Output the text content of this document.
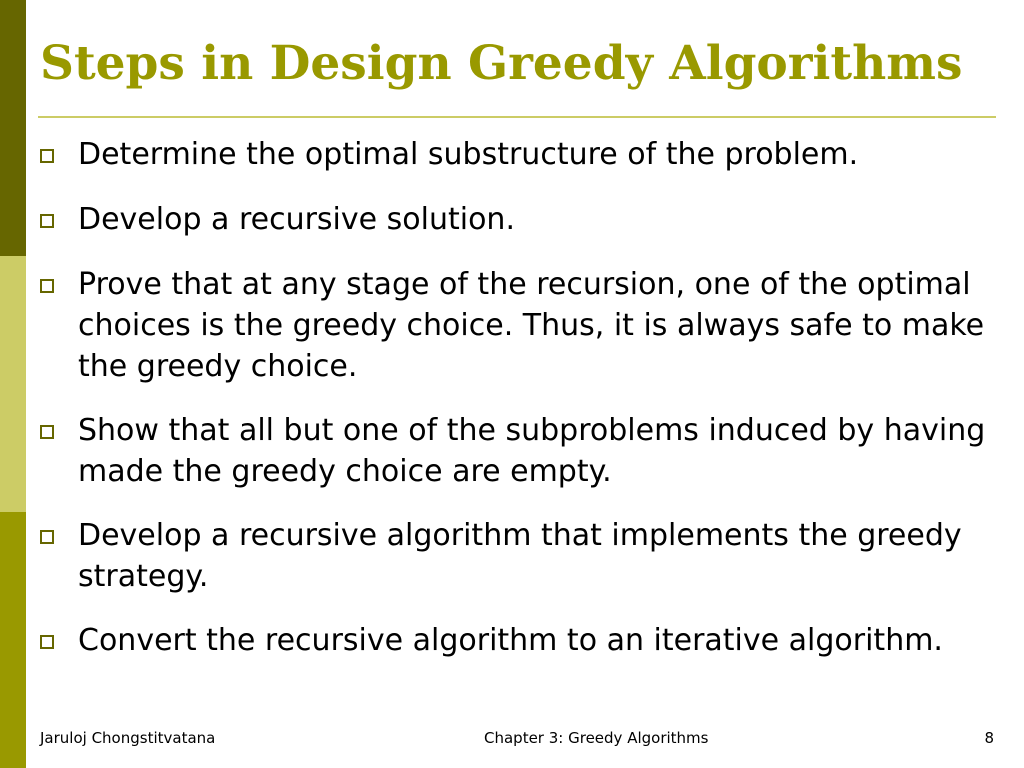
Steps in Design Greedy Algorithms
Determine the optimal substructure of the problem.
Develop a recursive solution.
Prove that at any stage of the recursion, one of the optimal choices is the greedy choice. Thus, it is always safe to make the greedy choice.
Show that all but one of the subproblems induced by having made the greedy choice are empty.
Develop a recursive algorithm that implements the greedy strategy.
Convert the recursive algorithm to an iterative algorithm.
Jaruloj Chongstitvatana	Chapter 3: Greedy Algorithms	8
